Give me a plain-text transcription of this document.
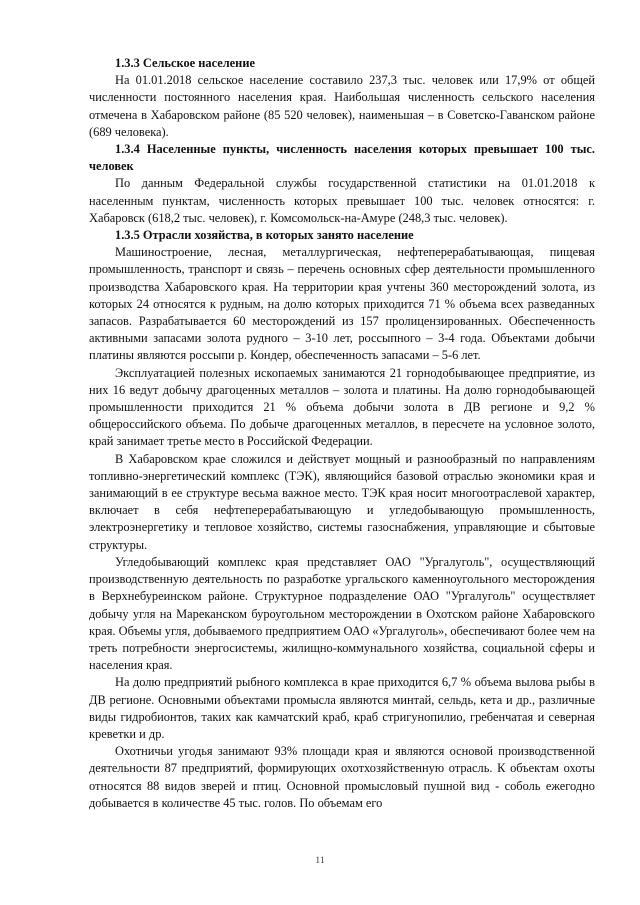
1.3.3 Сельское население

На 01.01.2018 сельское население составило 237,3 тыс. человек или 17,9% от общей численности постоянного населения края. Наибольшая численность сельского населения отмечена в Хабаровском районе (85 520 человек), наименьшая – в Советско-Гаванском районе (689 человека).

1.3.4 Населенные пункты, численность населения которых превышает 100 тыс. человек

По данным Федеральной службы государственной статистики на 01.01.2018 к населенным пунктам, численность которых превышает 100 тыс. человек относятся: г. Хабаровск (618,2 тыс. человек), г. Комсомольск-на-Амуре (248,3 тыс. человек).

1.3.5 Отрасли хозяйства, в которых занято население

Машиностроение, лесная, металлургическая, нефтеперерабатывающая, пищевая промышленность, транспорт и связь – перечень основных сфер деятельности промышленного производства Хабаровского края. На территории края учтены 360 месторождений золота, из которых 24 относятся к рудным, на долю которых приходится 71 % объема всех разведанных запасов. Разрабатывается 60 месторождений из 157 пролицензированных. Обеспеченность активными запасами золота рудного – 3-10 лет, россыпного – 3-4 года. Объектами добычи платины являются россыпи р. Кондер, обеспеченность запасами – 5-6 лет.

Эксплуатацией полезных ископаемых занимаются 21 горнодобывающее предприятие, из них 16 ведут добычу драгоценных металлов – золота и платины. На долю горнодобывающей промышленности приходится 21 % объема добычи золота в ДВ регионе и 9,2 % общероссийского объема. По добыче драгоценных металлов, в пересчете на условное золото, край занимает третье место в Российской Федерации.

В Хабаровском крае сложился и действует мощный и разнообразный по направлениям топливно-энергетический комплекс (ТЭК), являющийся базовой отраслью экономики края и занимающий в ее структуре весьма важное место. ТЭК края носит многоотраслевой характер, включает в себя нефтеперерабатывающую и угледобывающую промышленность, электроэнергетику и тепловое хозяйство, системы газоснабжения, управляющие и сбытовые структуры.

Угледобывающий комплекс края представляет ОАО "Ургалуголь", осуществляющий производственную деятельность по разработке ургальского каменноугольного месторождения в Верхнебуреинском районе. Структурное подразделение ОАО "Ургалуголь" осуществляет добычу угля на Мареканском буроугольном месторождении в Охотском районе Хабаровского края. Объемы угля, добываемого предприятием ОАО «Ургалуголь», обеспечивают более чем на треть потребности энергосистемы, жилищно-коммунального хозяйства, социальной сферы и населения края.

На долю предприятий рыбного комплекса в крае приходится 6,7 % объема вылова рыбы в ДВ регионе. Основными объектами промысла являются минтай, сельдь, кета и др., различные виды гидробионтов, таких как камчатский краб, краб стригунопилио, гребенчатая и северная креветки и др.

Охотничьи угодья занимают 93% площади края и являются основой производственной деятельности 87 предприятий, формирующих охотхозяйственную отрасль. К объектам охоты относятся 88 видов зверей и птиц. Основной промысловый пушной вид - соболь ежегодно добывается в количестве 45 тыс. голов. По объемам его

11
